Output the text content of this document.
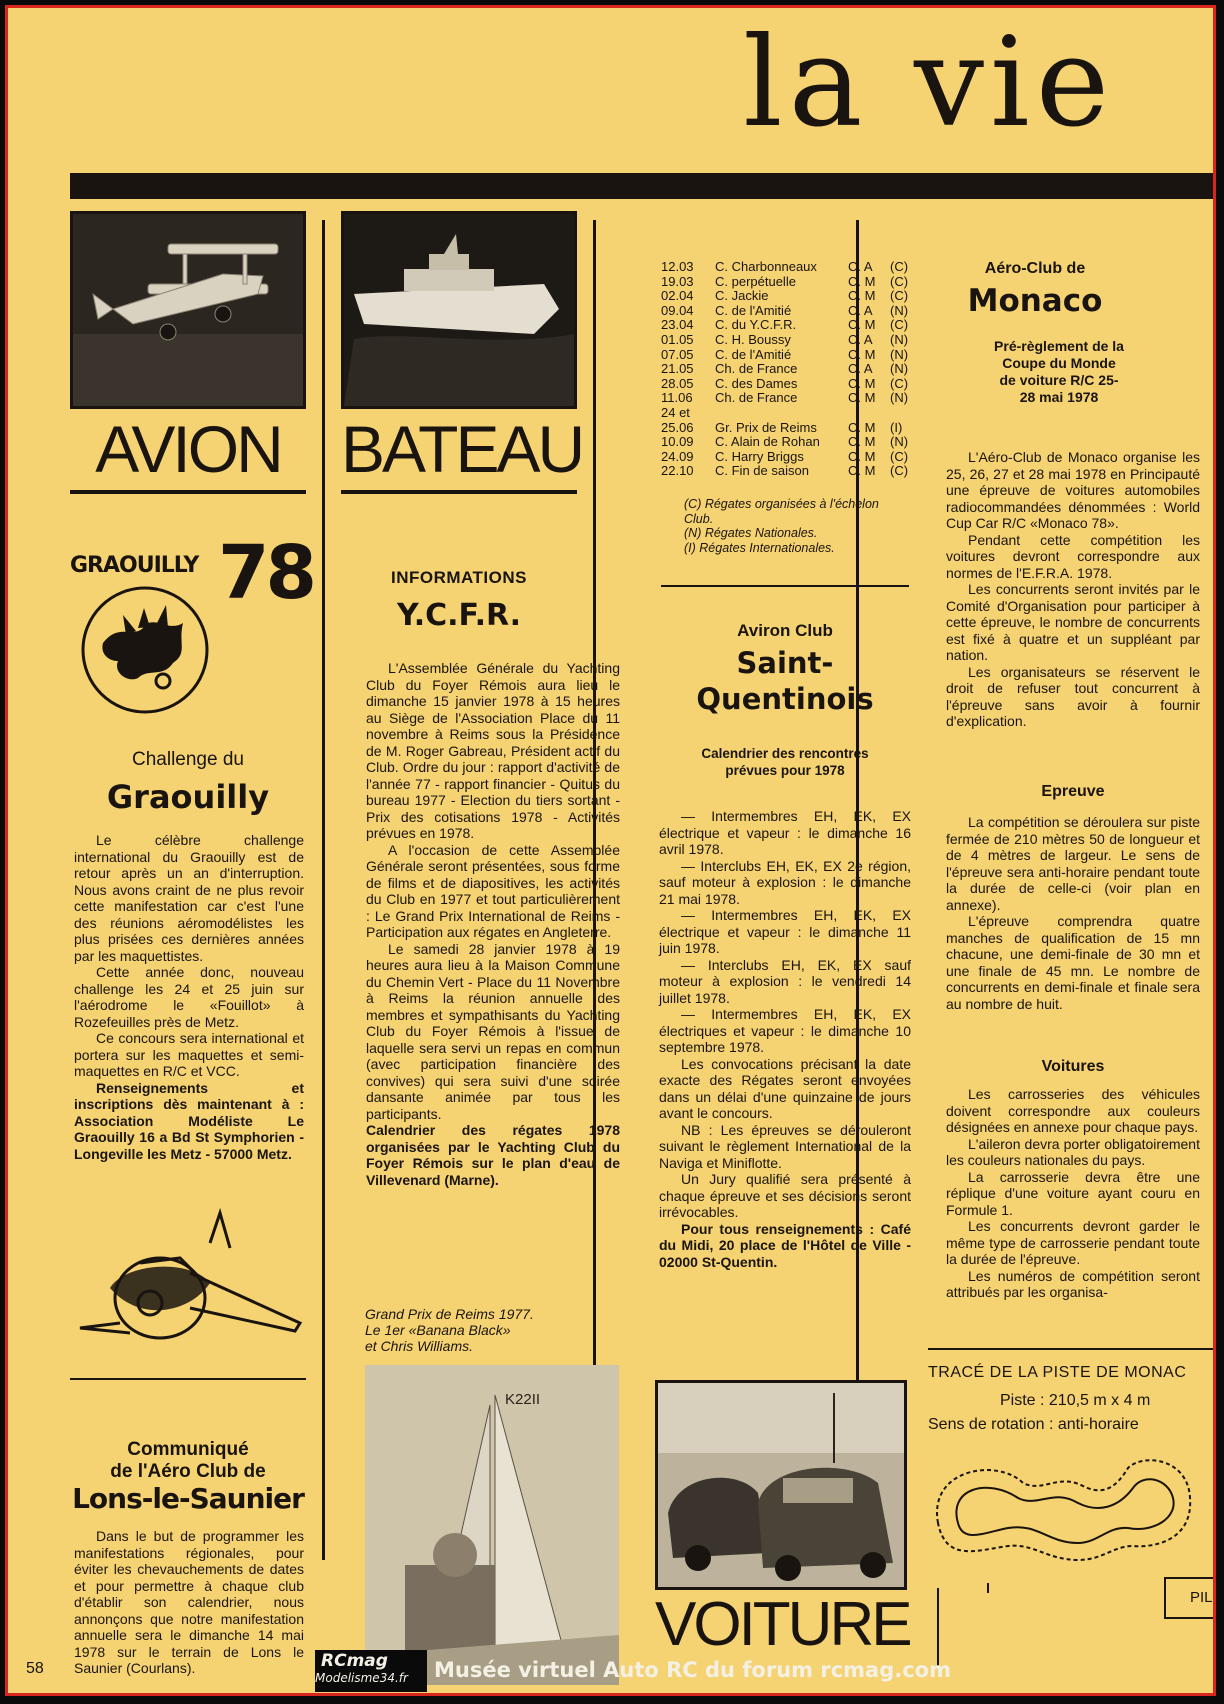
la vie
AVION
GRAOUILLY 78
Challenge du
Graouilly

Le célèbre challenge international du Graouilly est de retour après un an d'interruption. Nous avons craint de ne plus revoir cette manifestation car c'est l'une des réunions aéromodélistes les plus prisées ces dernières années par les maquettistes.

Cette année donc, nouveau challenge les 24 et 25 juin sur l'aérodrome le «Fouillot» à Rozefeuilles près de Metz.

Ce concours sera international et portera sur les maquettes et semi-maquettes en R/C et VCC.

Renseignements et inscriptions dès maintenant à : Association Modéliste Le Graouilly 16 a Bd St Symphorien - Longeville les Metz - 57000 Metz.

Communiqué
de l'Aéro Club de
Lons-le-Saunier

Dans le but de programmer les manifestations régionales, pour éviter les chevauchements de dates et pour permettre à chaque club d'établir son calendrier, nous annonçons que notre manifestation annuelle sera le dimanche 14 mai 1978 sur le terrain de Lons le Saunier (Courlans).

BATEAU
INFORMATIONS
Y.C.F.R.

L'Assemblée Générale du Yachting Club du Foyer Rémois aura lieu le dimanche 15 janvier 1978 à 15 heures au Siège de l'Association Place du 11 novembre à Reims sous la Présidence de M. Roger Gabreau, Président actif du Club. Ordre du jour : rapport d'activité de l'année 77 - rapport financier - Quitus du bureau 1977 - Election du tiers sortant - Prix des cotisations 1978 - Activités prévues en 1978.

A l'occasion de cette Assemblée Générale seront présentées, sous forme de films et de diapositives, les activités du Club en 1977 et tout particulièrement : Le Grand Prix International de Reims - Participation aux régates en Angleterre.

Le samedi 28 janvier 1978 à 19 heures aura lieu à la Maison Commune du Chemin Vert - Place du 11 Novembre à Reims la réunion annuelle des membres et sympathisants du Yachting Club du Foyer Rémois à l'issue de laquelle sera servi un repas en commun (avec participation financière des convives) qui sera suivi d'une soirée dansante animée par tous les participants.

Calendrier des régates 1978 organisées par le Yachting Club du Foyer Rémois sur le plan d'eau de Villevenard (Marne).

Grand Prix de Reims 1977.
Le 1er «Banana Black»
et Chris Williams.
K22II
12.03	C. Charbonneaux	C. A	(C)
19.03	C. perpétuelle	C. M	(C)
02.04	C. Jackie	C. M	(C)
09.04	C. de l'Amitié	C. A	(N)
23.04	C. du Y.C.F.R.	C. M	(C)
01.05	C. H. Boussy	C. A	(N)
07.05	C. de l'Amitié	C. M	(N)
21.05	Ch. de France	C. A	(N)
28.05	C. des Dames	C. M	(C)
11.06	Ch. de France	C. M	(N)
24 et
25.06	Gr. Prix de Reims	C. M	(I)
10.09	C. Alain de Rohan	C. M	(N)
24.09	C. Harry Briggs	C. M	(C)
22.10	C. Fin de saison	C. M	(C)
(C) Régates organisées à l'échelon Club.
(N) Régates Nationales.
(I) Régates Internationales.
Aviron Club
Saint-
Quentinois
Calendrier des rencontres prévues pour 1978

— Intermembres EH, EK, EX électrique et vapeur : le dimanche 16 avril 1978.

— Interclubs EH, EK, EX 2e région, sauf moteur à explosion : le dimanche 21 mai 1978.

— Intermembres EH, EK, EX électrique et vapeur : le dimanche 11 juin 1978.

— Interclubs EH, EK, EX sauf moteur à explosion : le vendredi 14 juillet 1978.

— Intermembres EH, EK, EX électriques et vapeur : le dimanche 10 septembre 1978.

Les convocations précisant la date exacte des Régates seront envoyées dans un délai d'une quinzaine de jours avant le concours.

NB : Les épreuves se dérouleront suivant le règlement International de la Naviga et Miniflotte.

Un Jury qualifié sera présenté à chaque épreuve et ses décisions seront irrévocables.

Pour tous renseignements : Café du Midi, 20 place de l'Hôtel de Ville - 02000 St-Quentin.

VOITURE
Aéro-Club de
Monaco
Pré-règlement de la Coupe du Monde de voiture R/C 25-28 mai 1978

L'Aéro-Club de Monaco organise les 25, 26, 27 et 28 mai 1978 en Principauté une épreuve de voitures automobiles radiocommandées dénommées : World Cup Car R/C «Monaco 78».

Pendant cette compétition les voitures devront correspondre aux normes de l'E.F.R.A. 1978.

Les concurrents seront invités par le Comité d'Organisation pour participer à cette épreuve, le nombre de concurrents est fixé à quatre et un suppléant par nation.

Les organisateurs se réservent le droit de refuser tout concurrent à l'épreuve sans avoir à fournir d'explication.

Epreuve

La compétition se déroulera sur piste fermée de 210 mètres 50 de longueur et de 4 mètres de largeur. Le sens de l'épreuve sera anti-horaire pendant toute la durée de celle-ci (voir plan en annexe).

L'épreuve comprendra quatre manches de qualification de 15 mn chacune, une demi-finale de 30 mn et une finale de 45 mn. Le nombre de concurrents en demi-finale et finale sera au nombre de huit.

Voitures

Les carrosseries des véhicules doivent correspondre aux couleurs désignées en annexe pour chaque pays.

L'aileron devra porter obligatoirement les couleurs nationales du pays.

La carrosserie devra être une réplique d'une voiture ayant couru en Formule 1.

Les concurrents devront garder le même type de carrosserie pendant toute la durée de l'épreuve.

Les numéros de compétition seront attribués par les organisa-

TRACÉ DE LA PISTE DE MONAC
Piste : 210,5 m x 4 m
Sens de rotation : anti-horaire
PIL
58	RCmag
Modelisme34.fr Musée virtuel Auto RC du forum rcmag.com
